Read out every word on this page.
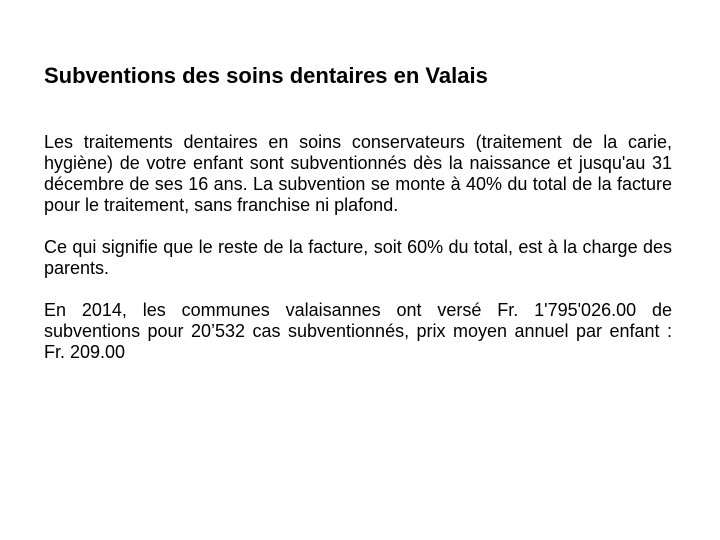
Subventions des soins dentaires en Valais

Les traitements dentaires en soins conservateurs (traitement de la carie, hygiène) de votre enfant sont subventionnés dès la naissance et jusqu'au 31 décembre de ses 16 ans. La subvention se monte à 40% du total de la facture pour le traitement, sans franchise ni plafond.

Ce qui signifie que le reste de la facture, soit 60% du total, est à la charge des parents.

En 2014, les communes valaisannes ont versé Fr. 1'795'026.00 de subventions pour 20’532 cas subventionnés, prix moyen annuel par enfant : Fr. 209.00
